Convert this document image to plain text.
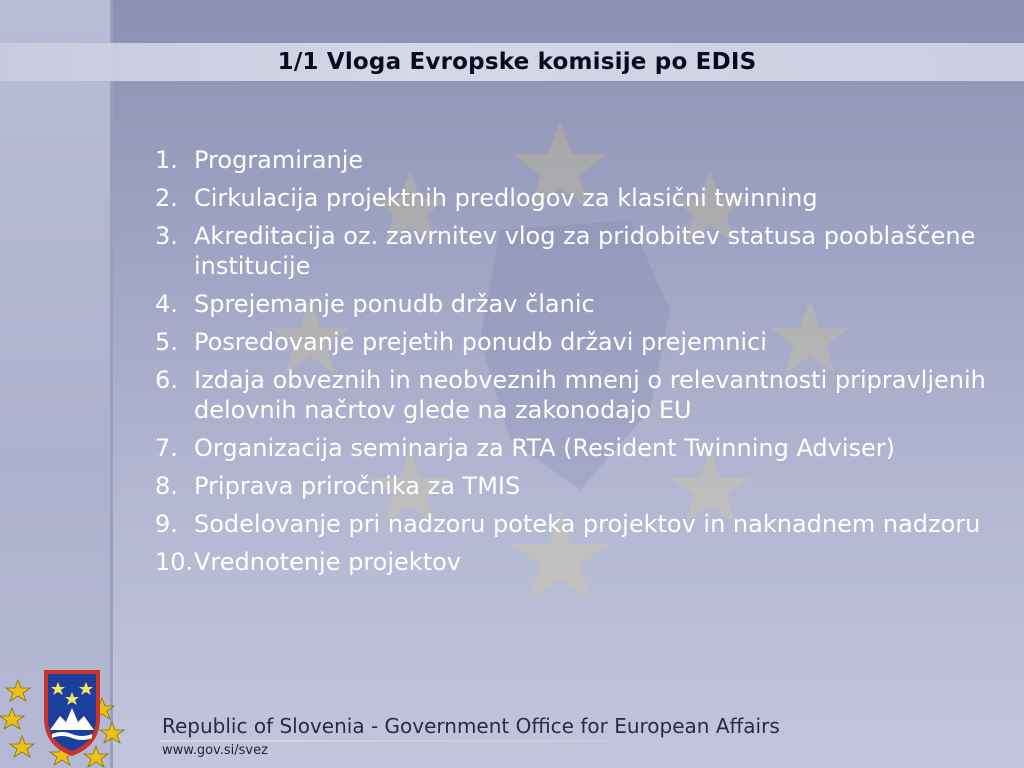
1/1 Vloga Evropske komisije po EDIS
1. Programiranje
2. Cirkulacija projektnih predlogov za klasični twinning
3. Akreditacija oz. zavrnitev vlog za pridobitev statusa pooblaščene institucije
4. Sprejemanje ponudb držav članic
5. Posredovanje prejetih ponudb državi prejemnici
6. Izdaja obveznih in neobveznih mnenj o relevantnosti pripravljenih delovnih načrtov glede na zakonodajo EU
7. Organizacija seminarja za RTA (Resident Twinning Adviser)
8. Priprava priročnika za TMIS
9. Sodelovanje pri nadzoru poteka projektov in naknadnem nadzoru
10. Vrednotenje projektov
Republic of Slovenia - Government Office for European Affairs
www.gov.si/svez
